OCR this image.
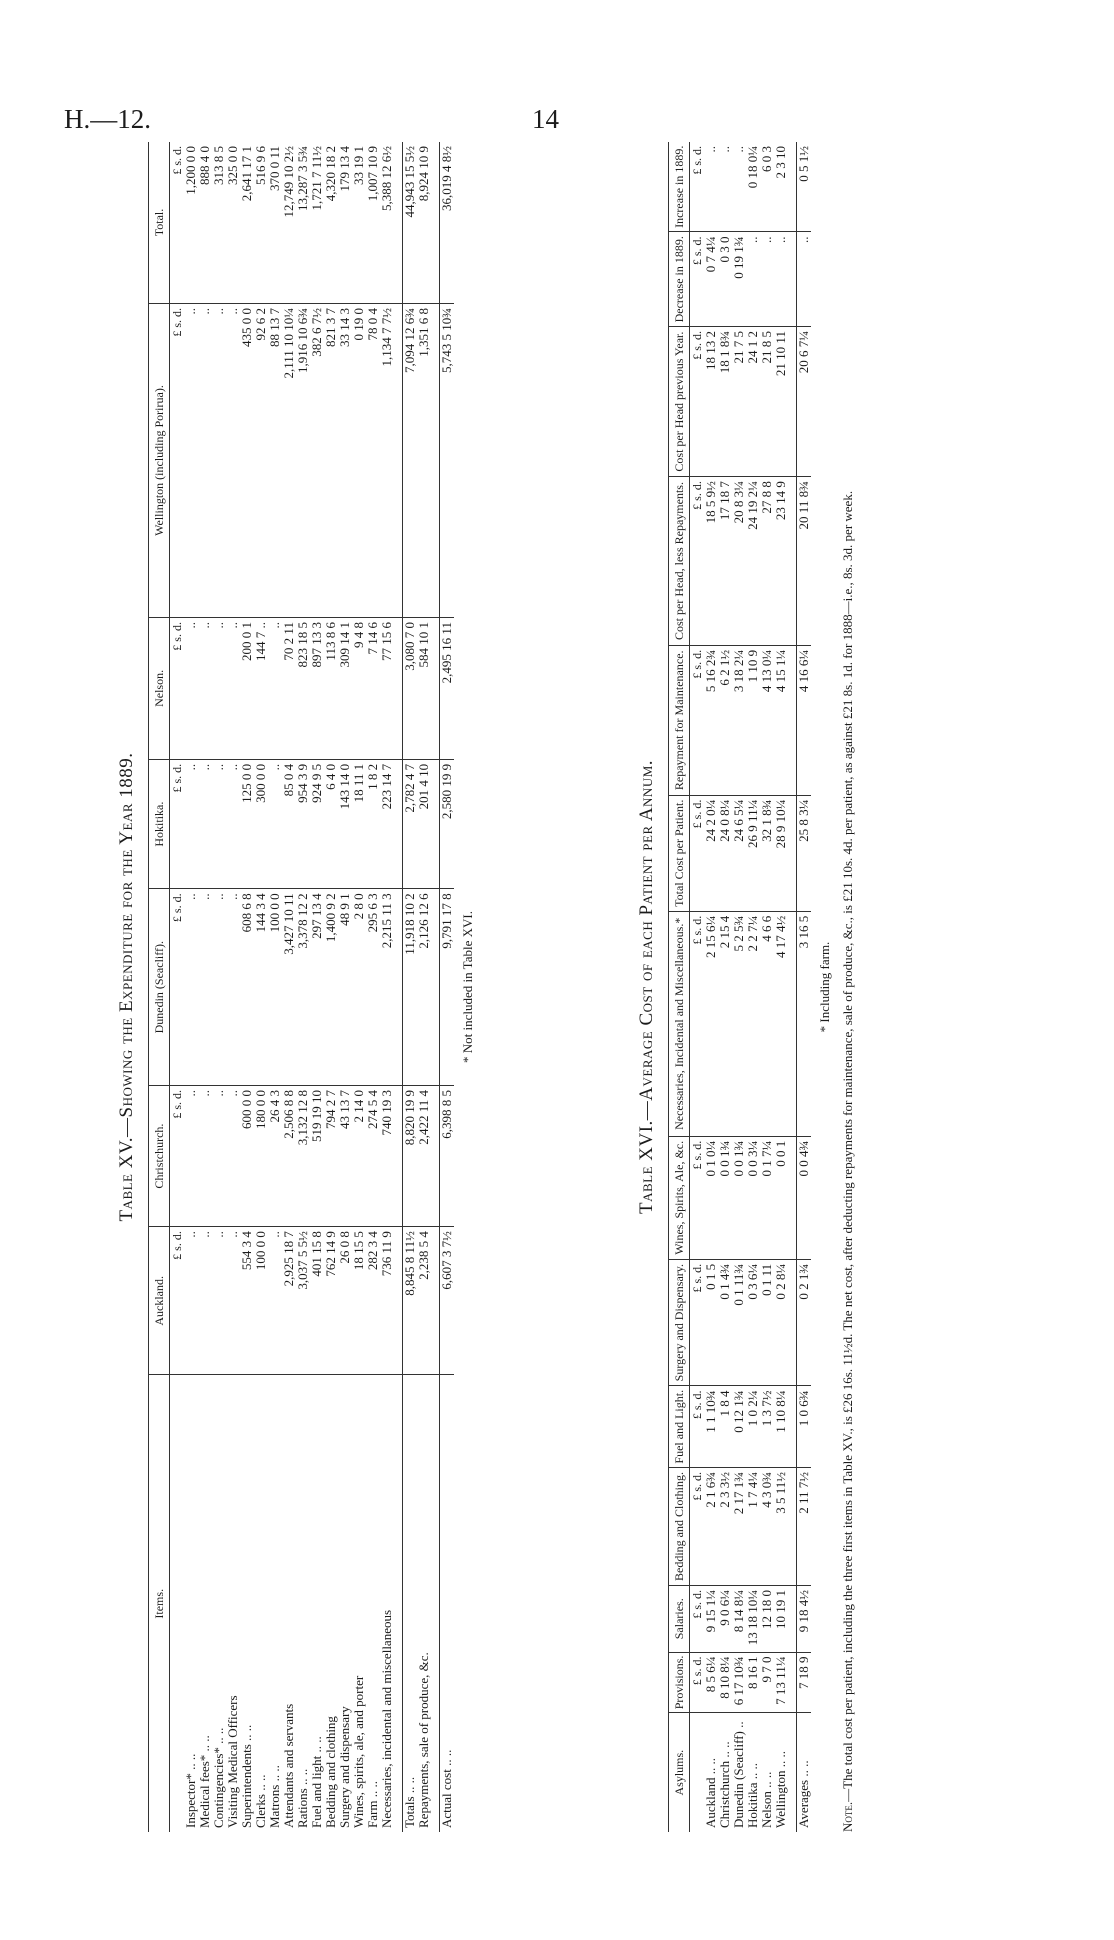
H.—12.	14
Table XV.—Showing the Expenditure for the Year 1889.
Items.	Auckland.	Christchurch.	Dunedin (Seacliff).	Hokitika.	Nelson.	Wellington (including Porirua).	Total.
	£ s. d.	£ s. d.	£ s. d.	£ s. d.	£ s. d.	£ s. d.	£ s. d.
Inspector* .. ..	..	..	..	..	..	..	1,200 0 0
Medical fees* .. ..	..	..	..	..	..	..	888 4 0
Contingencies* .. ..	..	..	..	..	..	..	313 8 5
Visiting Medical Officers	..	..	..	..	..	..	325 0 0
Superintendents .. ..	554 3 4	600 0 0	608 6 8	125 0 0	200 0 1	435 0 0	2,641 17 1
Clerks .. ..	100 0 0	180 0 0	144 3 4	300 0 0	144 7 ..	92 6 2	516 9 6
Matrons .. ..	..	26 4 3	100 0 0	..	..	88 13 7	370 0 11
Attendants and servants	2,925 18 7	2,506 8 8	3,427 10 11	85 0 4	70 2 11	2,111 10 10¼	12,749 10 2½
Rations .. ..	3,037 5 5½	3,132 12 8	3,378 12 2	954 3 9	823 18 5	1,916 10 6¾	13,287 3 5¾
Fuel and light .. ..	401 15 8	519 19 10	297 13 4	924 9 5	897 13 3	382 6 7½	1,721 7 11½
Bedding and clothing	762 14 9	794 2 7	1,400 9 2	6 4 0	113 8 6	821 3 7	4,320 18 2
Surgery and dispensary	26 0 8	43 13 7	48 9 1	143 14 0	309 14 1	33 14 3	179 13 4
Wines, spirits, ale, and porter	18 15 5	2 14 0	2 8 0	18 11 1	9 4 8	0 19 0	33 19 1
Farm .. ..	282 3 4	274 5 4	295 6 3	1 8 2	7 14 6	78 0 4	1,007 10 9
Necessaries, incidental and miscellaneous	736 11 9	740 19 3	2,215 11 3	223 14 7	77 15 6	1,134 7 7½	5,388 12 6½

Totals .. ..	8,845 8 11½	8,820 19 9	11,918 10 2	2,782 4 7	3,080 7 0	7,094 12 6¾	44,943 15 5½
Repayments, sale of produce, &c.	2,238 5 4	2,422 11 4	2,126 12 6	201 4 10	584 10 1	1,351 6 8	8,924 10 9

Actual cost .. ..	6,607 3 7½	6,398 8 5	9,791 17 8	2,580 19 9	2,495 16 11	5,743 5 10¾	36,019 4 8½
* Not included in Table XVI.
Table XVI.—Average Cost of each Patient per Annum.
Asylums.	Provisions.	Salaries.	Bedding and Clothing.	Fuel and Light.	Surgery and Dispensary.	Wines, Spirits, Ale, &c.	Necessaries, Incidental and Miscellaneous.*	Total Cost per Patient.	Repayment for Maintenance.	Cost per Head, less Repayments.	Cost per Head previous Year.	Decrease in 1889.	Increase in 1889.
	£ s. d.	£ s. d.	£ s. d.	£ s. d.	£ s. d.	£ s. d.	£ s. d.	£ s. d.	£ s. d.	£ s. d.	£ s. d.	£ s. d.	£ s. d.
Auckland .. ..	8 5 6¼	9 15 1¼	2 1 6¾	1 1 10¾	0 1 5	0 1 0¼	2 15 6¼	24 2 0¼	5 16 2¾	18 5 9½	18 13 2	0 7 4¼	..
Christchurch .. ..	8 10 8¼	9 0 6¼	2 3 3½	1 8 4	0 1 4¾	0 0 1¾	2 15 4	24 0 8¼	6 2 1½	17 18 7	18 1 8¾	0 3 0	..
Dunedin (Seacliff) ..	6 17 10¾	8 14 8¼	2 17 1¾	0 12 1¾	0 1 11¾	0 0 1¾	5 2 5¾	24 6 5¼	3 18 2¼	20 8 3¼	21 7 5	0 19 1¾	..
Hokitika .. ..	8 16 1	13 18 10¼	1 7 4¼	1 0 2¼	0 3 6¼	0 0 3¼	2 2 7¼	26 9 11¼	1 10 9	24 19 2¼	24 1 2	..	0 18 0¼
Nelson .. ..	9 7 0	12 18 0	4 3 0¾	1 3 7½	0 1 11	0 1 7¼	4 6 6	32 1 8¾	4 13 0¼	27 8 8	21 8 5	..	6 0 3
Wellington .. ..	7 13 11¼	10 19 1	3 5 11½	1 10 8¼	0 2 8¼	0 0 1	4 17 4½	28 9 10¼	4 15 1¼	23 14 9	21 10 11	..	2 3 10

Averages .. ..	7 18 9	9 18 4½	2 11 7½	1 0 6¾	0 2 1¾	0 0 4¾	3 16 5	25 8 3¼	4 16 6¼	20 11 8¾	20 6 7¼	..	0 5 1½
* Including farm.
Note.—The total cost per patient, including the three first items in Table XV., is £26 16s. 11½d. The net cost, after deducting repayments for maintenance, sale of produce, &c., is £21 10s. 4d. per patient, as against £21 8s. 1d. for 1888—i.e., 8s. 3d. per week.
